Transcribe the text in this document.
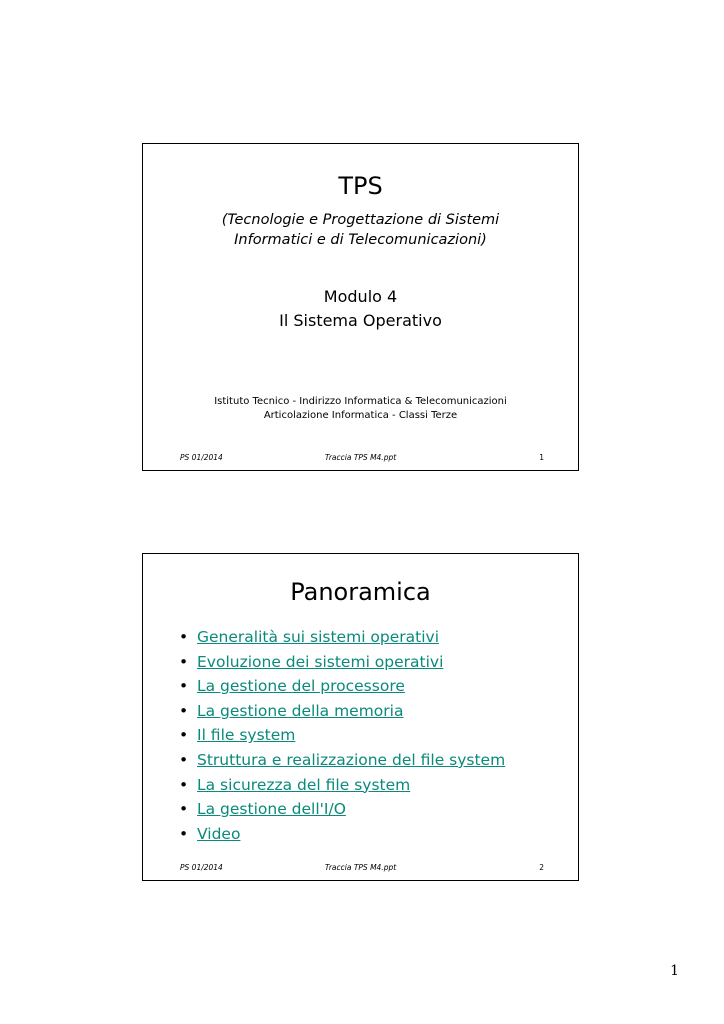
TPS
(Tecnologie e Progettazione di Sistemi
Informatici e di Telecomunicazioni)
Modulo 4
Il Sistema Operativo
Istituto Tecnico - Indirizzo Informatica & Telecomunicazioni
Articolazione Informatica - Classi Terze
PS 01/2014	Traccia TPS M4.ppt	1
Panoramica
• Generalità sui sistemi operativi
• Evoluzione dei sistemi operativi
• La gestione del processore
• La gestione della memoria
• Il file system
• Struttura e realizzazione del file system
• La sicurezza del file system
• La gestione dell'I/O
• Video
PS 01/2014	Traccia TPS M4.ppt	2
1
